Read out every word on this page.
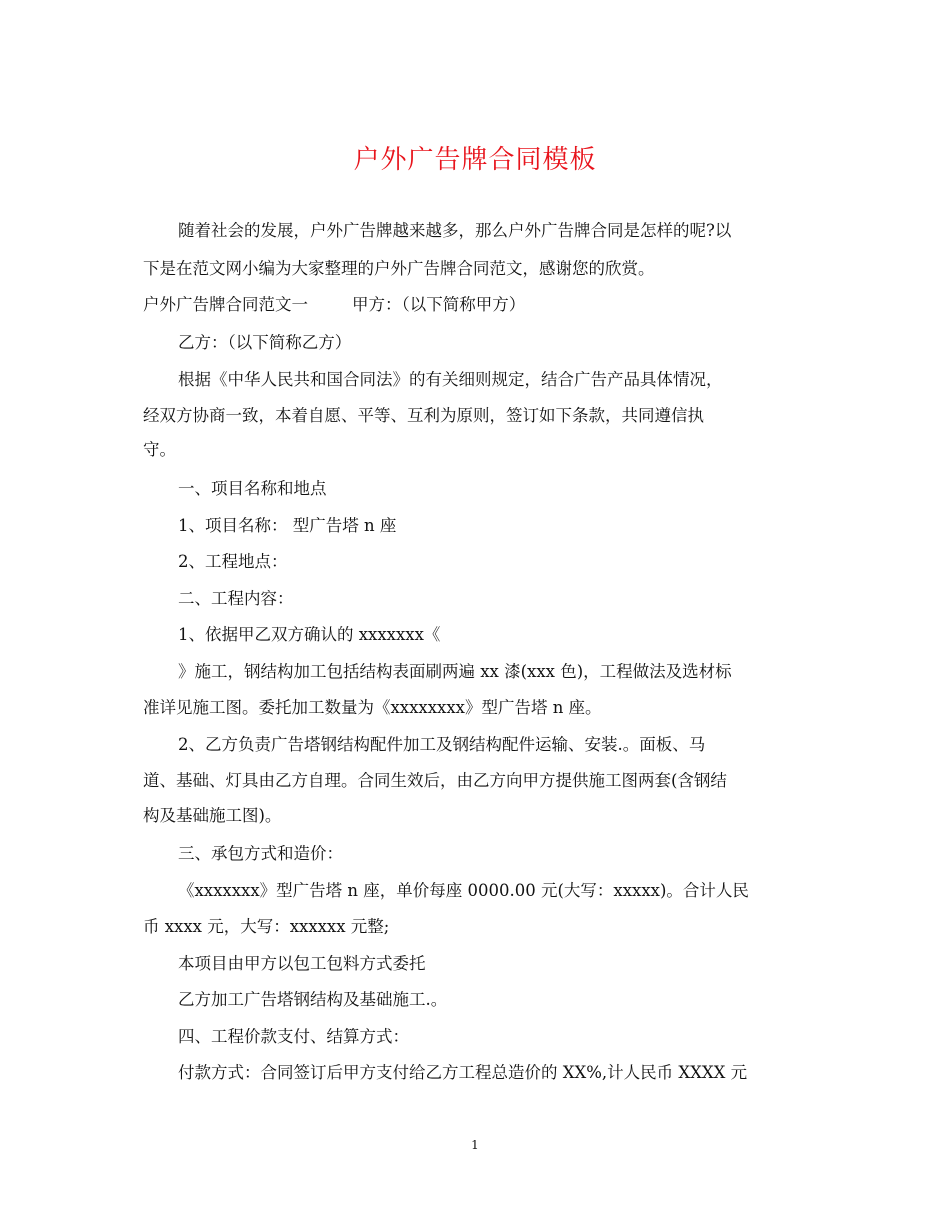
户外广告牌合同模板
随着社会的发展，户外广告牌越来越多，那么户外广告牌合同是怎样的呢?以
下是在范文网小编为大家整理的户外广告牌合同范文，感谢您的欣赏。
户外广告牌合同范文一	甲方：（以下简称甲方）
乙方：（以下简称乙方）
根据《中华人民共和国合同法》的有关细则规定，结合广告产品具体情况，
经双方协商一致，本着自愿、平等、互利为原则，签订如下条款，共同遵信执
守。
一、项目名称和地点
1、项目名称： 型广告塔 n 座
2、工程地点：
二、工程内容：
1、依据甲乙双方确认的 xxxxxxx《
》施工，钢结构加工包括结构表面刷两遍 xx 漆(xxx 色)，工程做法及选材标
准详见施工图。委托加工数量为《xxxxxxxx》型广告塔 n 座。
2、乙方负责广告塔钢结构配件加工及钢结构配件运输、安装.。面板、马
道、基础、灯具由乙方自理。合同生效后，由乙方向甲方提供施工图两套(含钢结
构及基础施工图)。
三、承包方式和造价：
《xxxxxxx》型广告塔 n 座，单价每座 0000.00 元(大写：xxxxx)。合计人民
币 xxxx 元，大写：xxxxxx 元整;
本项目由甲方以包工包料方式委托
乙方加工广告塔钢结构及基础施工.。
四、工程价款支付、结算方式：
付款方式：合同签订后甲方支付给乙方工程总造价的 XX%,计人民币 XXXX 元
1
